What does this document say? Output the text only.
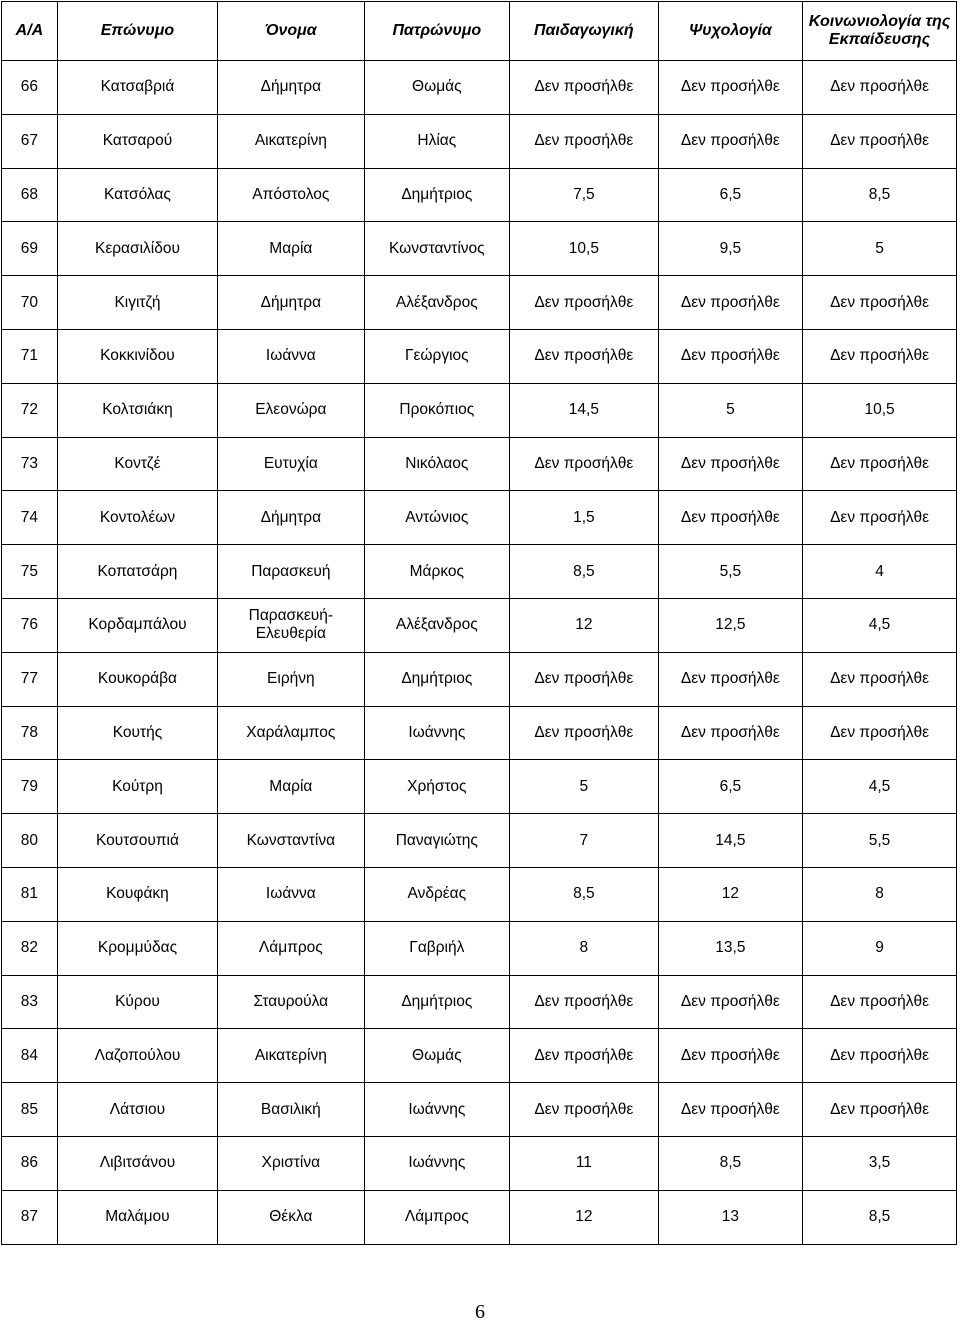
Α/Α	Επώνυμο	Όνομα	Πατρώνυμο	Παιδαγωγική	Ψυχολογία	Κοινωνιολογία της Εκπαίδευσης
66	Κατσαβριά	Δήμητρα	Θωμάς	Δεν προσήλθε	Δεν προσήλθε	Δεν προσήλθε
67	Κατσαρού	Αικατερίνη	Ηλίας	Δεν προσήλθε	Δεν προσήλθε	Δεν προσήλθε
68	Κατσόλας	Απόστολος	Δημήτριος	7,5	6,5	8,5
69	Κερασιλίδου	Μαρία	Κωνσταντίνος	10,5	9,5	5
70	Κιγιτζή	Δήμητρα	Αλέξανδρος	Δεν προσήλθε	Δεν προσήλθε	Δεν προσήλθε
71	Κοκκινίδου	Ιωάννα	Γεώργιος	Δεν προσήλθε	Δεν προσήλθε	Δεν προσήλθε
72	Κολτσιάκη	Ελεονώρα	Προκόπιος	14,5	5	10,5
73	Κοντζέ	Ευτυχία	Νικόλαος	Δεν προσήλθε	Δεν προσήλθε	Δεν προσήλθε
74	Κοντολέων	Δήμητρα	Αντώνιος	1,5	Δεν προσήλθε	Δεν προσήλθε
75	Κοπατσάρη	Παρασκευή	Μάρκος	8,5	5,5	4
76	Κορδαμπάλου	Παρασκευή-Ελευθερία	Αλέξανδρος	12	12,5	4,5
77	Κουκοράβα	Ειρήνη	Δημήτριος	Δεν προσήλθε	Δεν προσήλθε	Δεν προσήλθε
78	Κουτής	Χαράλαμπος	Ιωάννης	Δεν προσήλθε	Δεν προσήλθε	Δεν προσήλθε
79	Κούτρη	Μαρία	Χρήστος	5	6,5	4,5
80	Κουτσουπιά	Κωνσταντίνα	Παναγιώτης	7	14,5	5,5
81	Κουφάκη	Ιωάννα	Ανδρέας	8,5	12	8
82	Κρομμύδας	Λάμπρος	Γαβριήλ	8	13,5	9
83	Κύρου	Σταυρούλα	Δημήτριος	Δεν προσήλθε	Δεν προσήλθε	Δεν προσήλθε
84	Λαζοπούλου	Αικατερίνη	Θωμάς	Δεν προσήλθε	Δεν προσήλθε	Δεν προσήλθε
85	Λάτσιου	Βασιλική	Ιωάννης	Δεν προσήλθε	Δεν προσήλθε	Δεν προσήλθε
86	Λιβιτσάνου	Χριστίνα	Ιωάννης	11	8,5	3,5
87	Μαλάμου	Θέκλα	Λάμπρος	12	13	8,5
6
